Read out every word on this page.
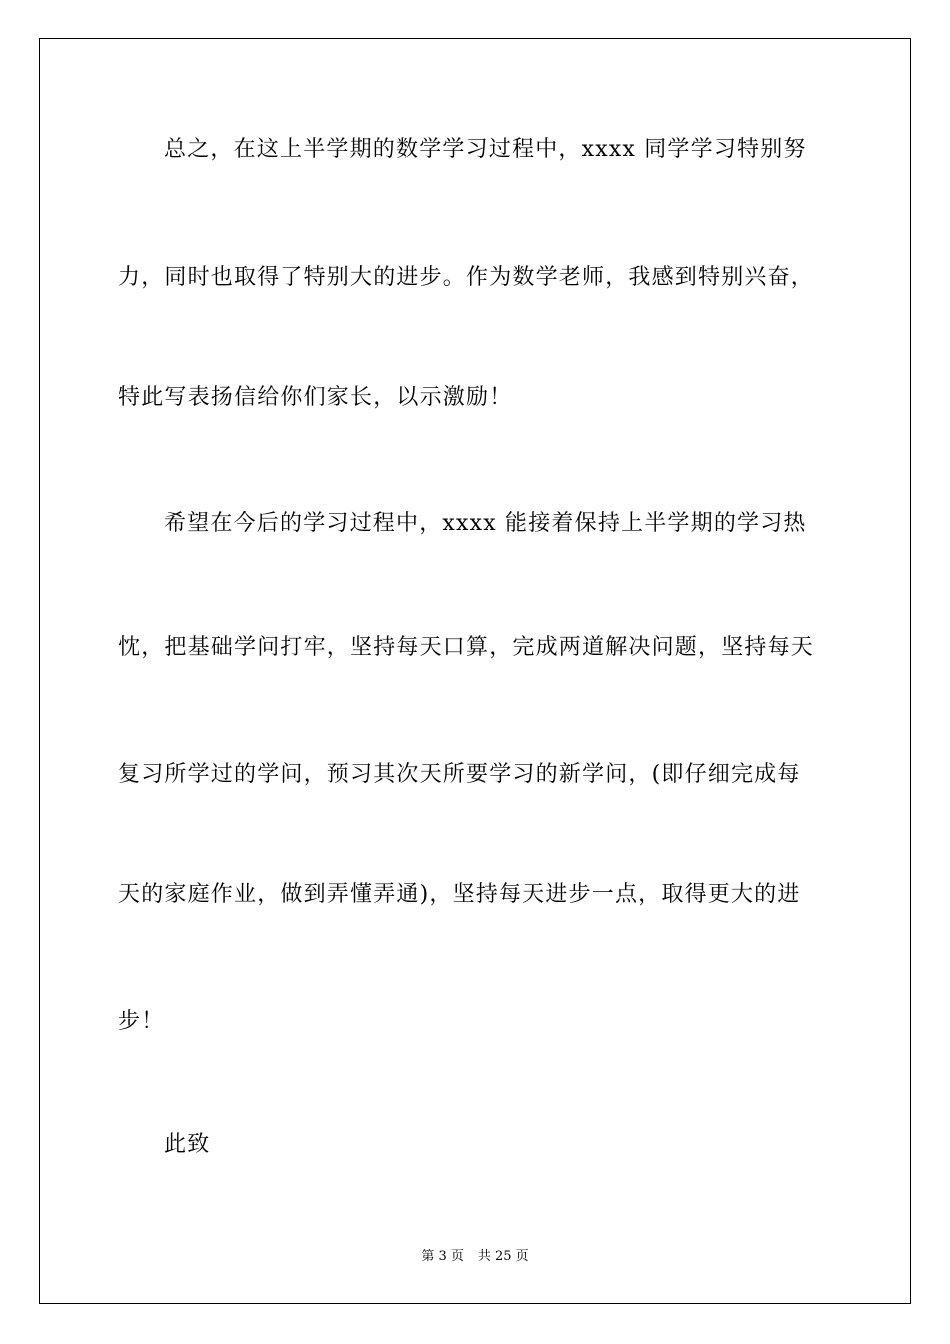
总之，在这上半学期的数学学习过程中，xxxx 同学学习特别努
力，同时也取得了特别大的进步。作为数学老师，我感到特别兴奋，
特此写表扬信给你们家长，以示激励！
希望在今后的学习过程中，xxxx 能接着保持上半学期的学习热
忱，把基础学问打牢，坚持每天口算，完成两道解决问题，坚持每天
复习所学过的学问，预习其次天所要学习的新学问，(即仔细完成每
天的家庭作业，做到弄懂弄通)，坚持每天进步一点，取得更大的进
步！
此致
第 3 页 共 25 页
